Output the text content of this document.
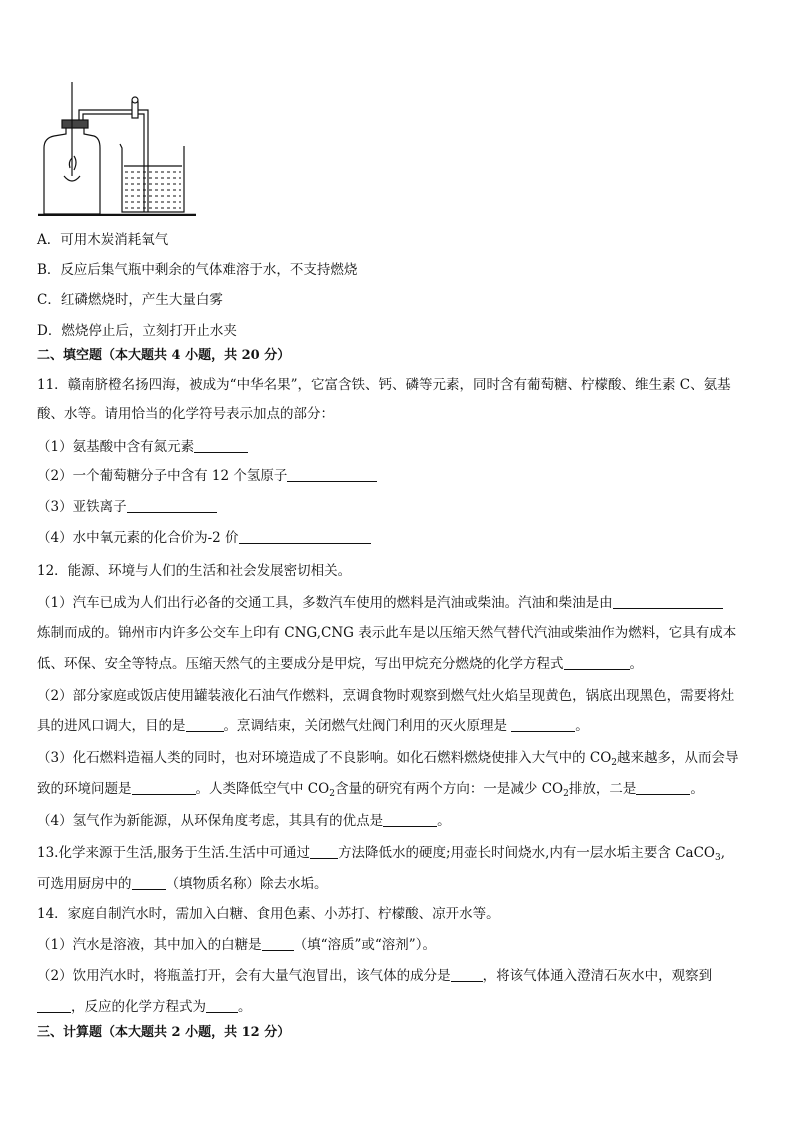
A．可用木炭消耗氧气
B．反应后集气瓶中剩余的气体难溶于水，不支持燃烧
C．红磷燃烧时，产生大量白雾
D．燃烧停止后，立刻打开止水夹
二、填空题（本大题共 4 小题，共 20 分）
11．赣南脐橙名扬四海，被成为“中华名果”，它富含铁、钙、磷等元素，同时含有葡萄糖、柠檬酸、维生素 C、氨基
酸、水等。请用恰当的化学符号表示加点的部分：
（1）氨基酸中含有氮元素
（2）一个葡萄糖分子中含有 12 个氢原子
（3）亚铁离子
（4）水中氧元素的化合价为-2 价
12．能源、环境与人们的生活和社会发展密切相关。
（1）汽车已成为人们出行必备的交通工具，多数汽车使用的燃料是汽油或柴油。汽油和柴油是由
炼制而成的。锦州市内许多公交车上印有 CNG,CNG 表示此车是以压缩天然气替代汽油或柴油作为燃料，它具有成本
低、环保、安全等特点。压缩天然气的主要成分是甲烷，写出甲烷充分燃烧的化学方程式	。
（2）部分家庭或饭店使用罐装液化石油气作燃料，烹调食物时观察到燃气灶火焰呈现黄色，锅底出现黑色，需要将灶
具的进风口调大，目的是	。烹调结束，关闭燃气灶阀门利用的灭火原理是	。
（3）化石燃料造福人类的同时，也对环境造成了不良影响。如化石燃料燃烧使排入大气中的 $CO_2$越来越多，从而会导
致的环境问题是	。人类降低空气中 $CO_2$含量的研究有两个方向：一是减少 $CO_2$排放，二是	。
（4）氢气作为新能源，从环保角度考虑，其具有的优点是	。
13.化学来源于生活,服务于生活.生活中可通过 方法降低水的硬度;用壶长时间烧水,内有一层水垢主要含 CaCO$_3$,
可选用厨房中的	（填物质名称）除去水垢。
14．家庭自制汽水时，需加入白糖、食用色素、小苏打、柠檬酸、凉开水等。
（1）汽水是溶液，其中加入的白糖是 （填“溶质”或“溶剂”）。
（2）饮用汽水时，将瓶盖打开，会有大量气泡冒出，该气体的成分是 ，将该气体通入澄清石灰水中，观察到
，反应的化学方程式为 。
三、计算题（本大题共 2 小题，共 12 分）
